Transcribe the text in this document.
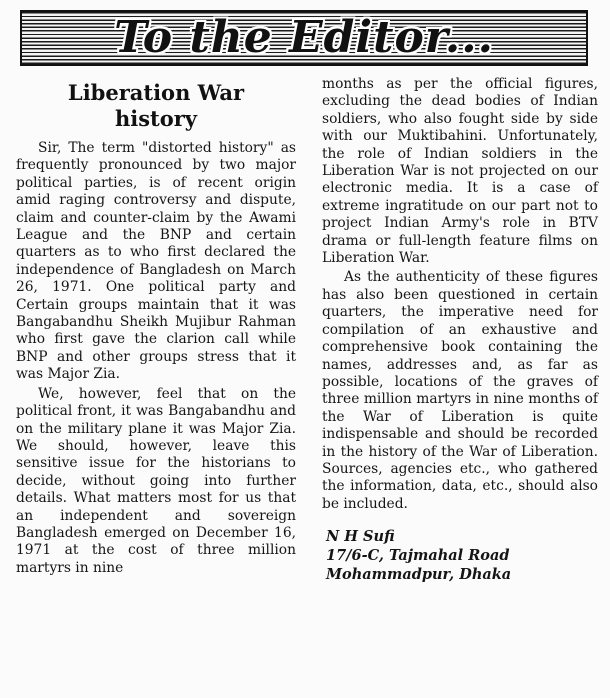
To the Editor...
Liberation War
history

Sir, The term "distorted history" as frequently pronounced by two major political parties, is of recent origin amid raging controversy and dispute, claim and counter-claim by the Awami League and the BNP and certain quarters as to who first declared the independence of Bangladesh on March 26, 1971. One political party and Certain groups maintain that it was Bangabandhu Sheikh Mujibur Rahman who first gave the clarion call while BNP and other groups stress that it was Major Zia.

We, however, feel that on the political front, it was Bangabandhu and on the military plane it was Major Zia. We should, however, leave this sensitive issue for the historians to decide, without going into further details. What matters most for us that an independent and sovereign Bangladesh emerged on December 16, 1971 at the cost of three million martyrs in nine

months as per the official figures, excluding the dead bodies of Indian soldiers, who also fought side by side with our Muktibahini. Unfortunately, the role of Indian soldiers in the Liberation War is not projected on our electronic media. It is a case of extreme ingratitude on our part not to project Indian Army's role in BTV drama or full-length feature films on Liberation War.

As the authenticity of these figures has also been questioned in certain quarters, the imperative need for compilation of an exhaustive and comprehensive book containing the names, addresses and, as far as possible, locations of the graves of three million martyrs in nine months of the War of Liberation is quite indispensable and should be recorded in the history of the War of Liberation. Sources, agencies etc., who gathered the information, data, etc., should also be included.

N H Sufi
17/6-C, Tajmahal Road
Mohammadpur, Dhaka
